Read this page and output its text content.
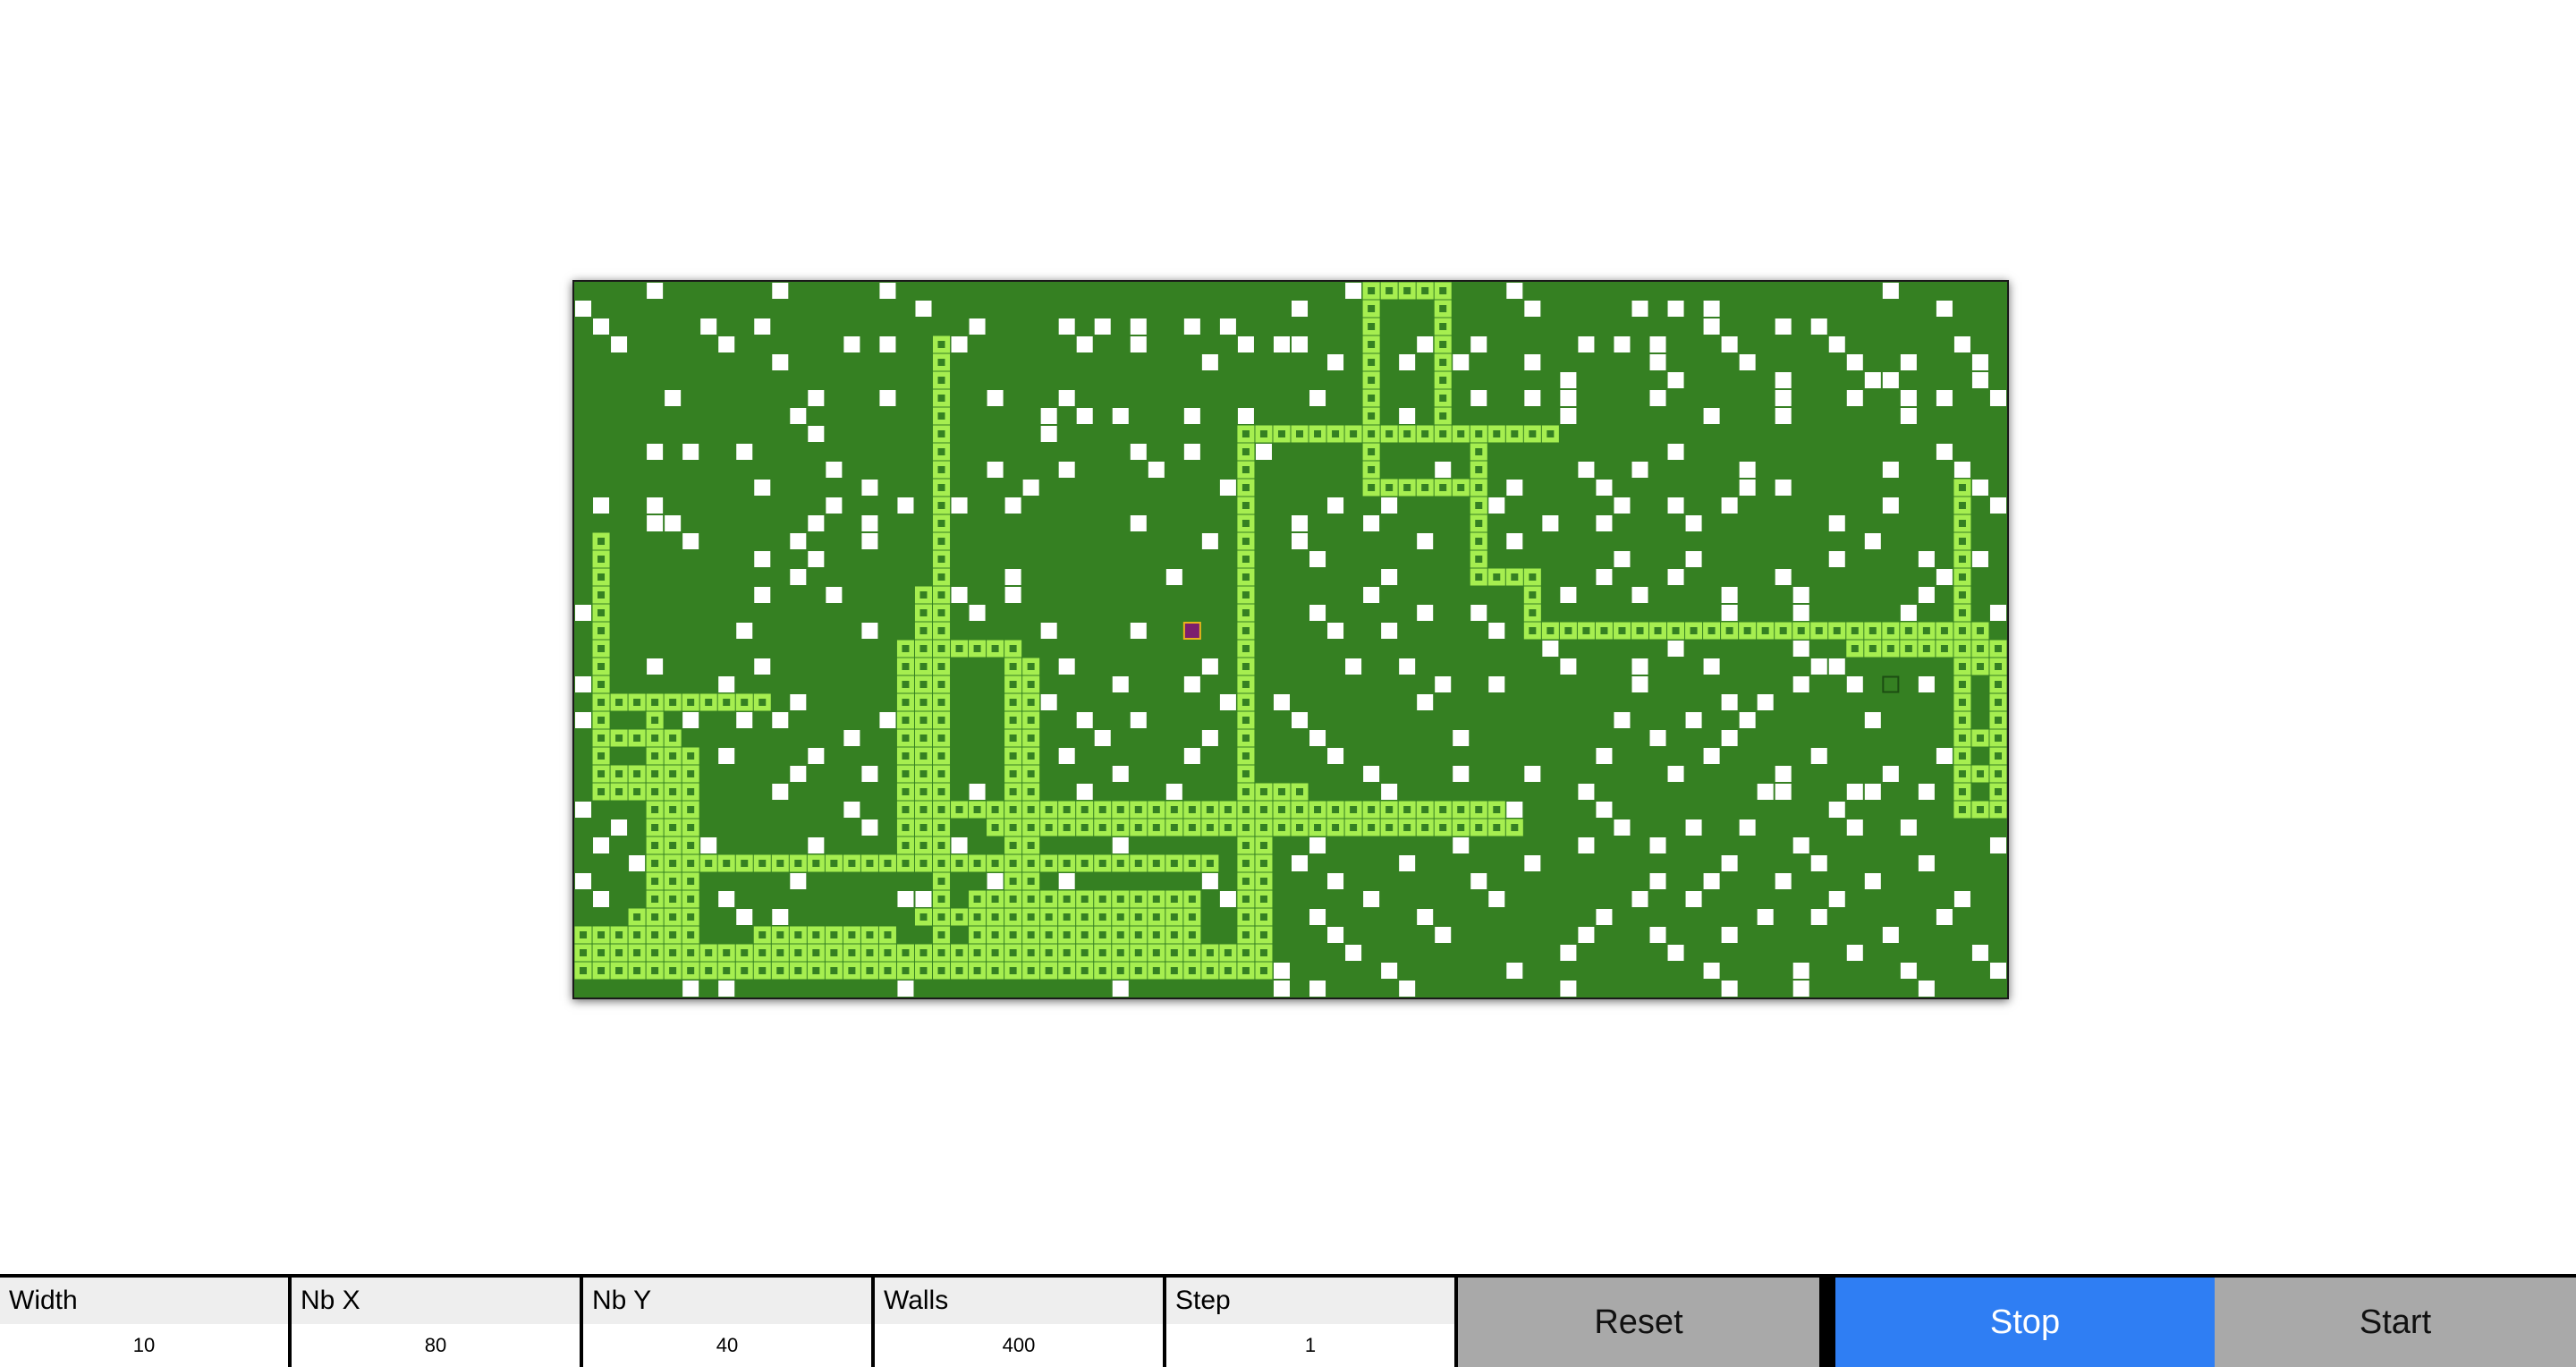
Width
10	Nb X
80	Nb Y
40	Walls
400	Step
1
Reset	Stop	Start
